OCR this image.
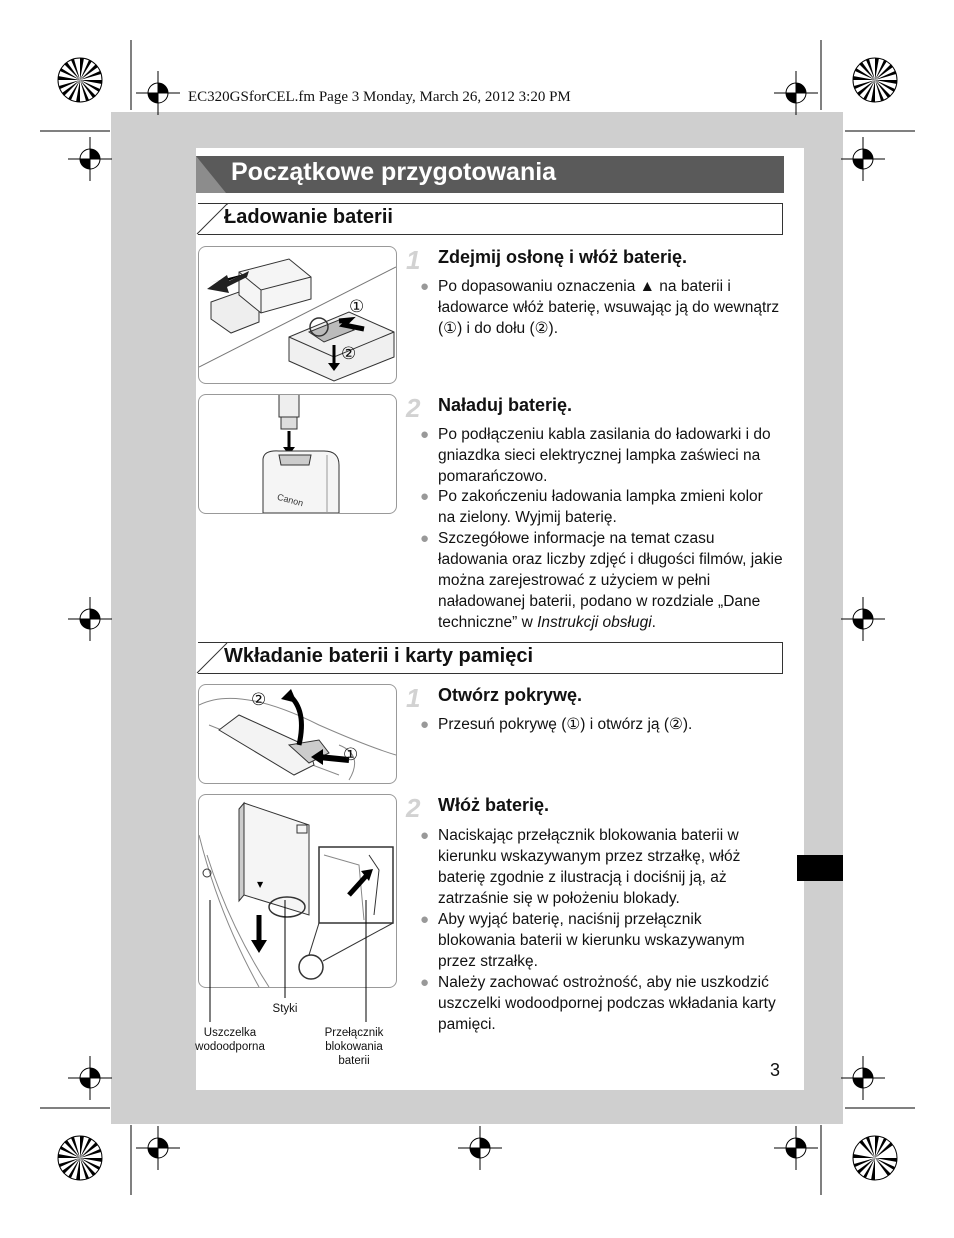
EC320GSforCEL.fm Page 3 Monday, March 26, 2012 3:20 PM
Początkowe przygotowania
Ładowanie baterii
①
②
1 Zdejmij osłonę i włóż baterię.
● Po dopasowaniu oznaczenia ▲ na baterii i ładowarce włóż baterię, wsuwając ją do wewnątrz (①) i do dołu (②).
Canon
2 Naładuj baterię.
● Po podłączeniu kabla zasilania do ładowarki i do gniazdka sieci elektrycznej lampka zaświeci na pomarańczowo.
● Po zakończeniu ładowania lampka zmieni kolor na zielony. Wyjmij baterię.
● Szczegółowe informacje na temat czasu ładowania oraz liczby zdjęć i długości filmów, jakie można zarejestrować z użyciem w pełni naładowanej baterii, podano w rozdziale „Dane techniczne” w Instrukcji obsługi.
Wkładanie baterii i karty pamięci
②
①
1 Otwórz pokrywę.
● Przesuń pokrywę (①) i otwórz ją (②).
▼
Styki
Uszczelka
wodoodporna
Przełącznik
blokowania
baterii
2 Włóż baterię.
● Naciskając przełącznik blokowania baterii w kierunku wskazywanym przez strzałkę, włóż baterię zgodnie z ilustracją i dociśnij ją, aż zatrzaśnie się w położeniu blokady.
● Aby wyjąć baterię, naciśnij przełącznik blokowania baterii w kierunku wskazywanym przez strzałkę.
● Należy zachować ostrożność, aby nie uszkodzić uszczelki wodoodpornej podczas wkładania karty pamięci.
3
